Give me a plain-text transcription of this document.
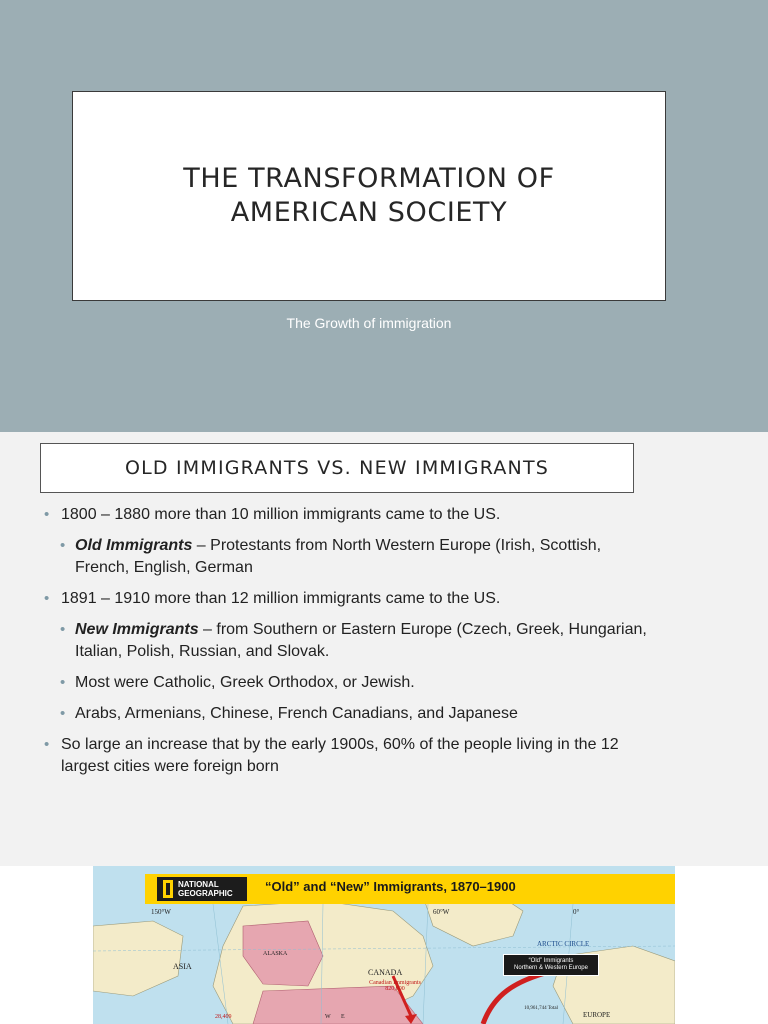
THE TRANSFORMATION OF
AMERICAN SOCIETY
The Growth of immigration
OLD IMMIGRANTS VS. NEW IMMIGRANTS
• 1800 – 1880 more than 10 million immigrants came to the US.
• Old Immigrants – Protestants from North Western Europe (Irish, Scottish, French, English, German
• 1891 – 1910 more than 12 million immigrants came to the US.
• New Immigrants – from Southern or Eastern Europe (Czech, Greek, Hungarian, Italian, Polish, Russian, and Slovak.
• Most were Catholic, Greek Orthodox, or Jewish.
• Arabs, Armenians, Chinese, French Canadians, and Japanese
• So large an increase that by the early 1900s, 60% of the people living in the 12 largest cities were foreign born
NATIONAL
GEOGRAPHIC “Old” and “New” Immigrants, 1870–1900
150°W	60°W	0°
ASIA
ALASKA
CANADA
Canadian Immigrants 820,000
ARCTIC CIRCLE
“Old” Immigrants
Northern & Western Europe
EUROPE
10,961,744 Total
28,409	W E
